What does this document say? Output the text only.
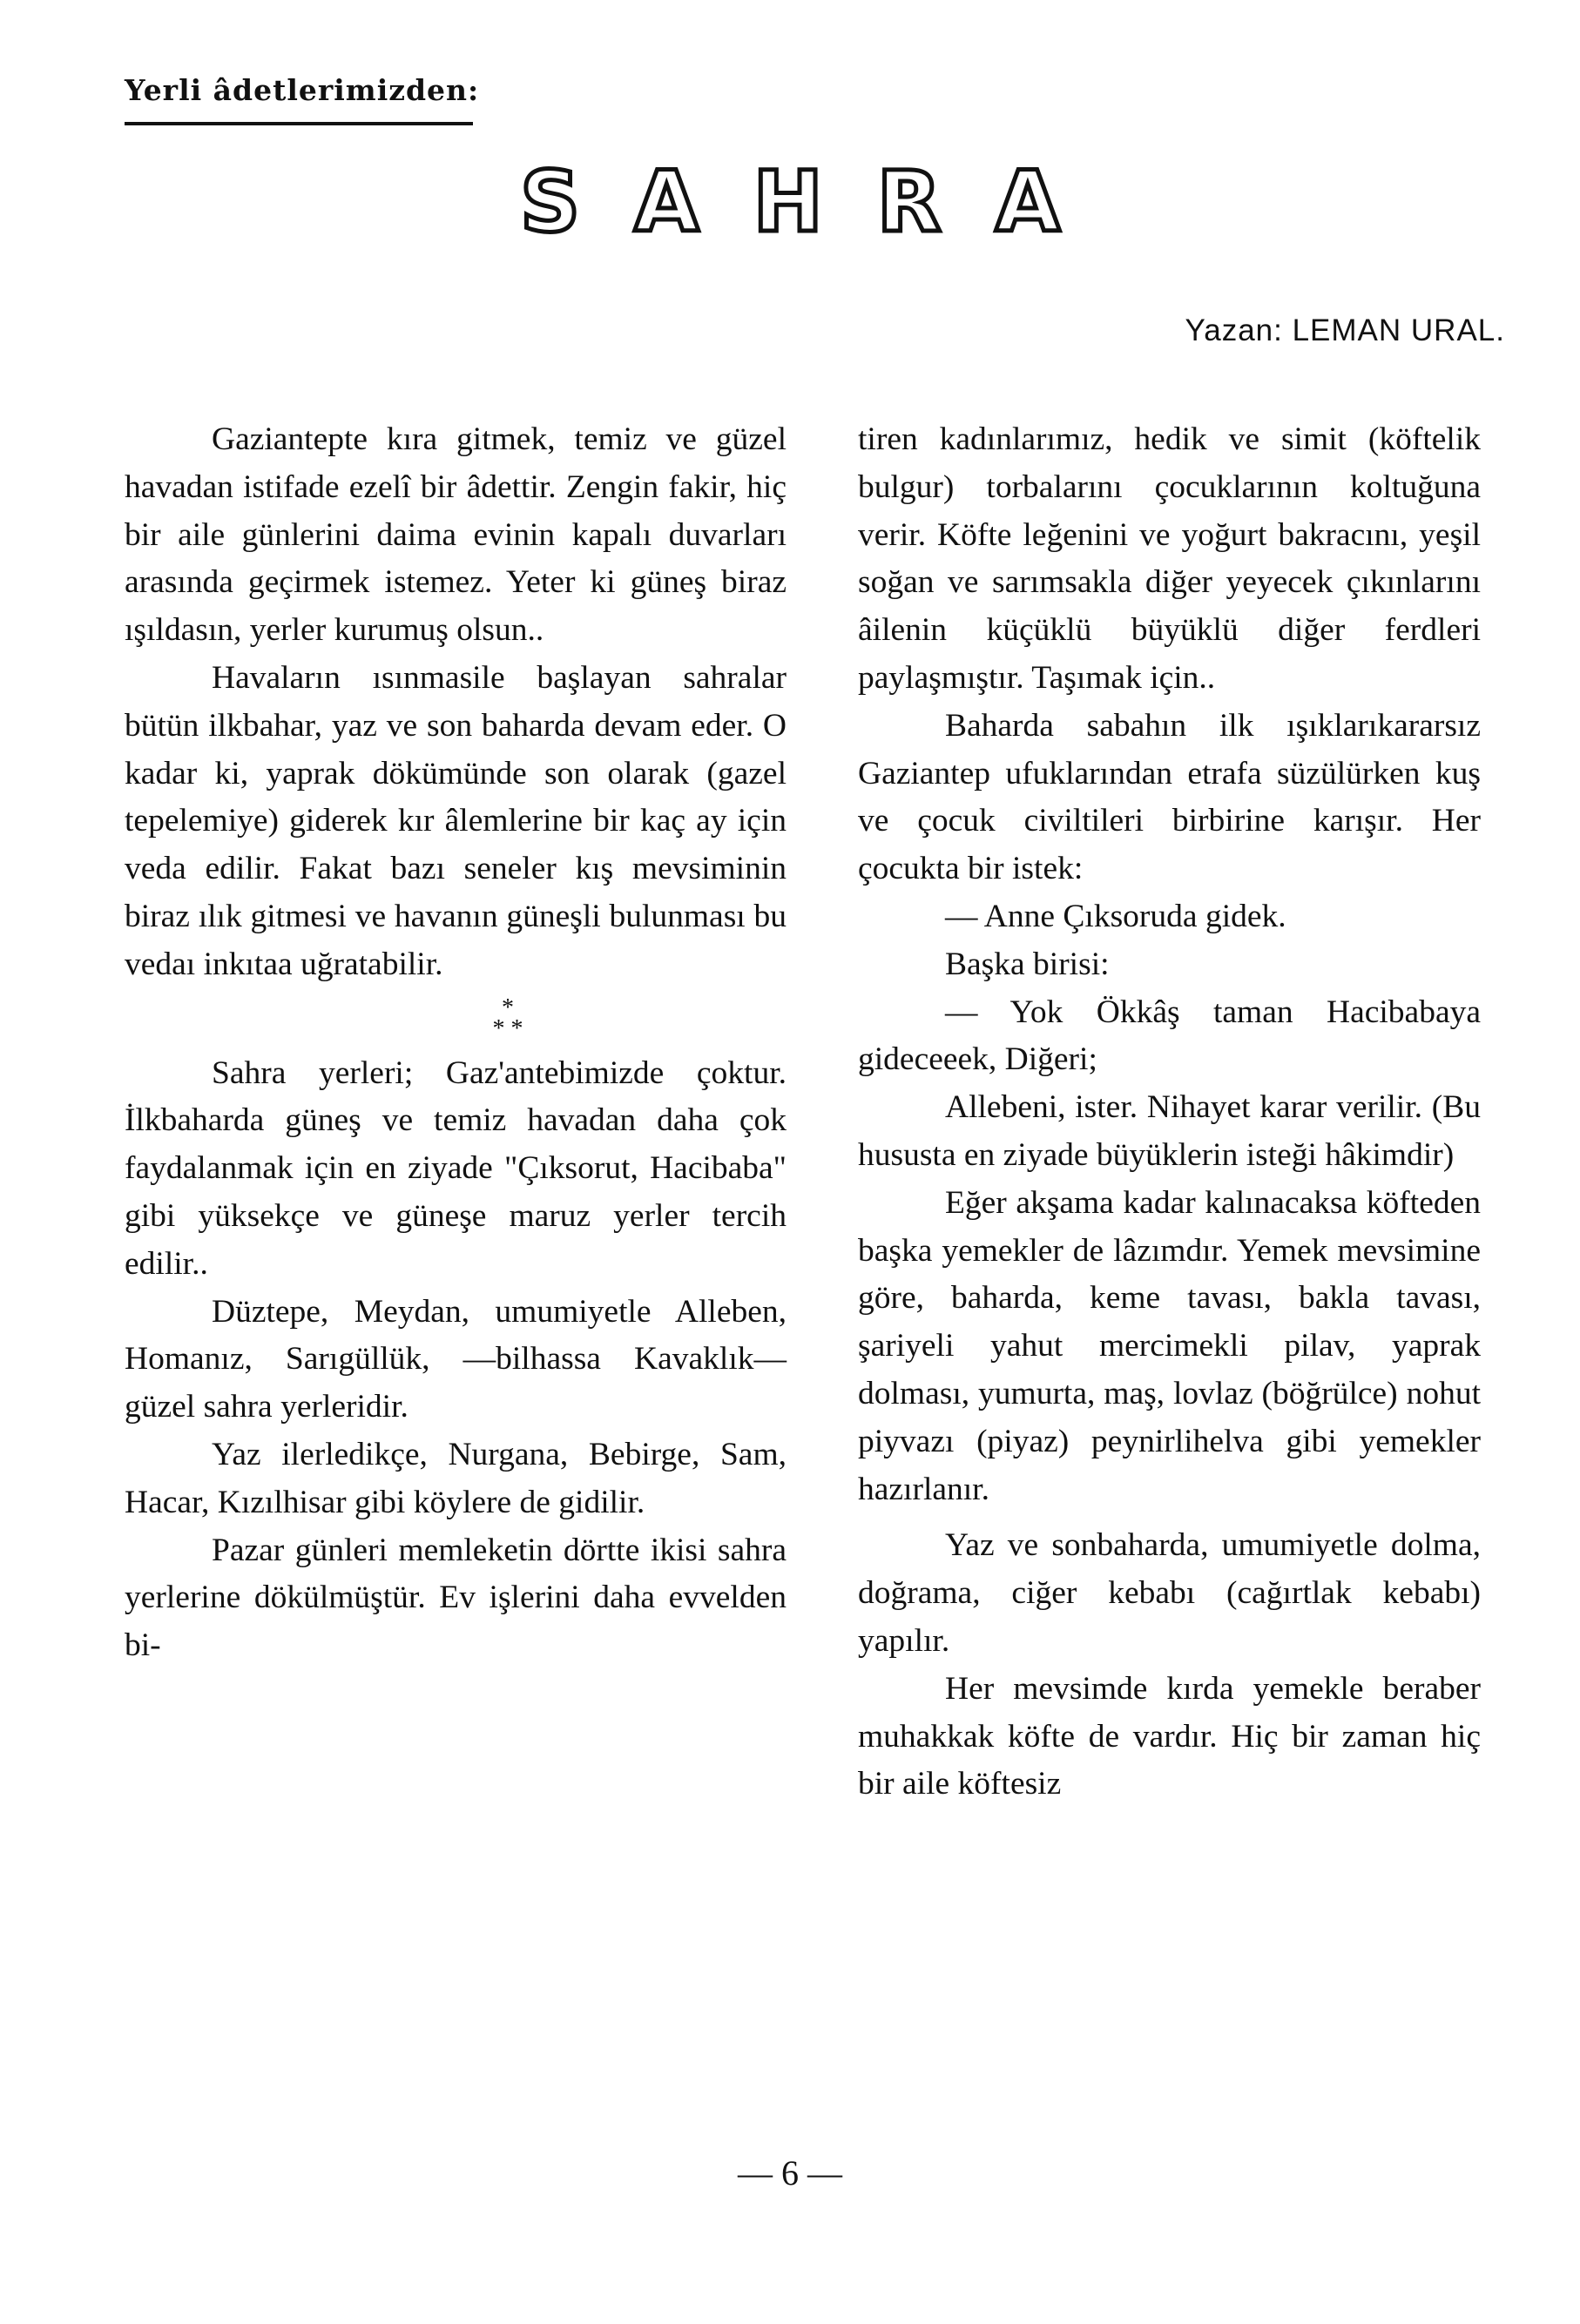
Yerli âdetlerimizden:
SAHRA
Yazan: LEMAN URAL.

Gaziantepte kıra gitmek, temiz ve güzel havadan istifade ezelî bir âdettir. Zengin fakir, hiç bir aile günlerini daima evinin kapalı duvarları arasında geçirmek istemez. Yeter ki güneş biraz ışıldasın, yerler kurumuş olsun..

Havaların ısınmasile başlayan sahralar bütün ilkbahar, yaz ve son baharda devam eder. O kadar ki, yaprak dökümünde son olarak (gazel tepelemiye) giderek kır âlemlerine bir kaç ay için veda edilir. Fakat bazı seneler kış mevsiminin biraz ılık gitmesi ve havanın güneşli bulunması bu vedaı inkıtaa uğratabilir.

*
* *

Sahra yerleri; Gaz'antebimizde çoktur. İlkbaharda güneş ve temiz havadan daha çok faydalanmak için en ziyade "Çıksorut, Hacibaba" gibi yüksekçe ve güneşe maruz yerler tercih edilir..

Düztepe, Meydan, umumiyetle Alleben, Homanız, Sarıgüllük, —bilhassa Kavaklık— güzel sahra yerleridir.

Yaz ilerledikçe, Nurgana, Bebirge, Sam, Hacar, Kızılhisar gibi köylere de gidilir.

Pazar günleri memleketin dörtte ikisi sahra yerlerine dökülmüştür. Ev işlerini daha evvelden bi-

tiren kadınlarımız, hedik ve simit (köftelik bulgur) torbalarını çocuklarının koltuğuna verir. Köfte leğenini ve yoğurt bakracını, yeşil soğan ve sarımsakla diğer yeyecek çıkınlarını âilenin küçüklü büyüklü diğer ferdleri paylaşmıştır. Taşımak için..

Baharda sabahın ilk ışıklarıkararsız Gaziantep ufuklarından etrafa süzülürken kuş ve çocuk civiltileri birbirine karışır. Her çocukta bir istek:

— Anne Çıksoruda gidek.

Başka birisi:

— Yok Ökkâş taman Hacibabaya gideceeek, Diğeri;

Allebeni, ister. Nihayet karar verilir. (Bu hususta en ziyade büyüklerin isteği hâkimdir)

Eğer akşama kadar kalınacaksa köfteden başka yemekler de lâzımdır. Yemek mevsimine göre, baharda, keme tavası, bakla tavası, şariyeli yahut mercimekli pilav, yaprak dolması, yumurta, maş, lovlaz (böğrülce) nohut piyvazı (piyaz) peynirlihelva gibi yemekler hazırlanır.

Yaz ve sonbaharda, umumiyetle dolma, doğrama, ciğer kebabı (cağırtlak kebabı) yapılır.

Her mevsimde kırda yemekle beraber muhakkak köfte de vardır. Hiç bir zaman hiç bir aile köftesiz

— 6 —
